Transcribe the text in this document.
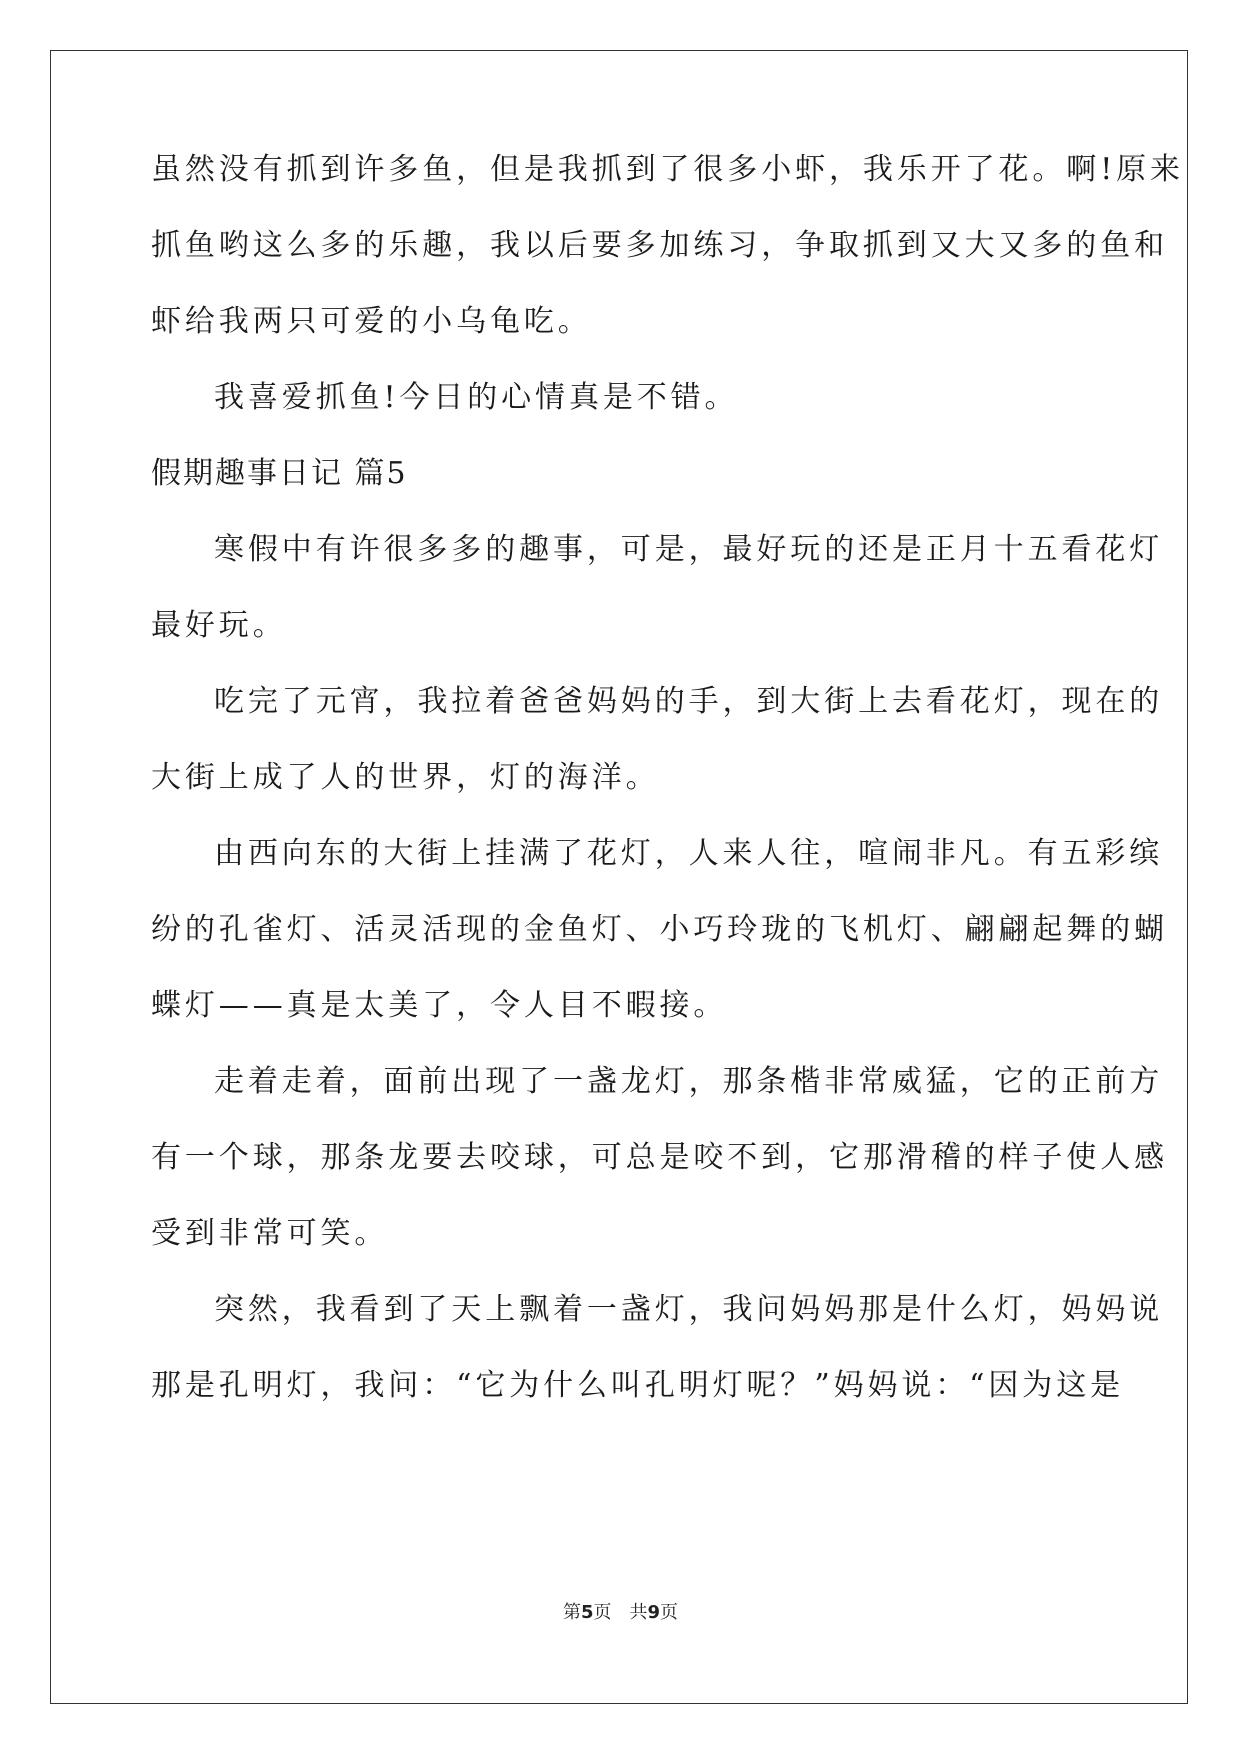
虽然没有抓到许多鱼，但是我抓到了很多小虾，我乐开了花。啊!原来
抓鱼哟这么多的乐趣，我以后要多加练习，争取抓到又大又多的鱼和
虾给我两只可爱的小乌龟吃。
我喜爱抓鱼!今日的心情真是不错。
假期趣事日记 篇5
寒假中有许很多多的趣事，可是，最好玩的还是正月十五看花灯
最好玩。
吃完了元宵，我拉着爸爸妈妈的手，到大街上去看花灯，现在的
大街上成了人的世界，灯的海洋。
由西向东的大街上挂满了花灯，人来人往，喧闹非凡。有五彩缤
纷的孔雀灯、活灵活现的金鱼灯、小巧玲珑的飞机灯、翩翩起舞的蝴
蝶灯——真是太美了，令人目不暇接。
走着走着，面前出现了一盏龙灯，那条楷非常威猛，它的正前方
有一个球，那条龙要去咬球，可总是咬不到，它那滑稽的样子使人感
受到非常可笑。
突然，我看到了天上飘着一盏灯，我问妈妈那是什么灯，妈妈说
那是孔明灯，我问：“它为什么叫孔明灯呢？”妈妈说：“因为这是
第5页 共9页
